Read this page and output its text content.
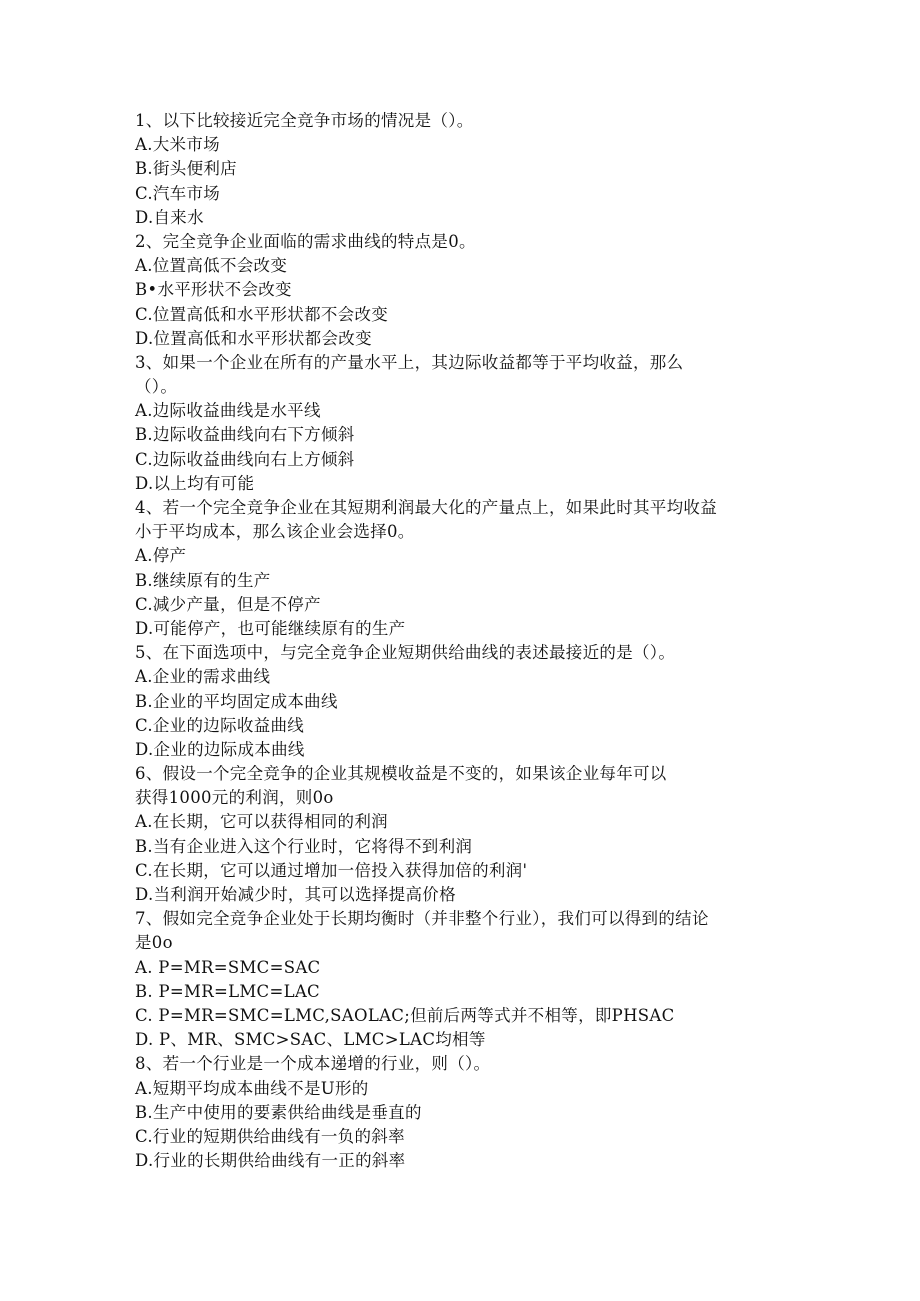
1、以下比较接近完全竞争市场的情况是（）。
A.大米市场
B.街头便利店
C.汽车市场
D.自来水
2、完全竞争企业面临的需求曲线的特点是0。
A.位置高低不会改变
B•水平形状不会改变
C.位置高低和水平形状都不会改变
D.位置高低和水平形状都会改变
3、如果一个企业在所有的产量水平上，其边际收益都等于平均收益，那么
（）。
A.边际收益曲线是水平线
B.边际收益曲线向右下方倾斜
C.边际收益曲线向右上方倾斜
D.以上均有可能
4、若一个完全竞争企业在其短期利润最大化的产量点上，如果此时其平均收益
小于平均成本，那么该企业会选择0。
A.停产
B.继续原有的生产
C.减少产量，但是不停产
D.可能停产，也可能继续原有的生产
5、在下面选项中，与完全竞争企业短期供给曲线的表述最接近的是（）。
A.企业的需求曲线
B.企业的平均固定成本曲线
C.企业的边际收益曲线
D.企业的边际成本曲线
6、假设一个完全竞争的企业其规模收益是不变的，如果该企业每年可以
获得1000元的利润，则0o
A.在长期，它可以获得相同的利润
B.当有企业进入这个行业时，它将得不到利润
C.在长期，它可以通过增加一倍投入获得加倍的利润'
D.当利润开始减少时，其可以选择提高价格
7、假如完全竞争企业处于长期均衡时（并非整个行业），我们可以得到的结论
是0o
A. P=MR=SMC=SAC
B. P=MR=LMC=LAC
C. P=MR=SMC=LMC,SAOLAC;但前后两等式并不相等，即PHSAC
D. P、MR、SMC>SAC、LMC>LAC均相等
8、若一个行业是一个成本递增的行业，则（）。
A.短期平均成本曲线不是U形的
B.生产中使用的要素供给曲线是垂直的
C.行业的短期供给曲线有一负的斜率
D.行业的长期供给曲线有一正的斜率
